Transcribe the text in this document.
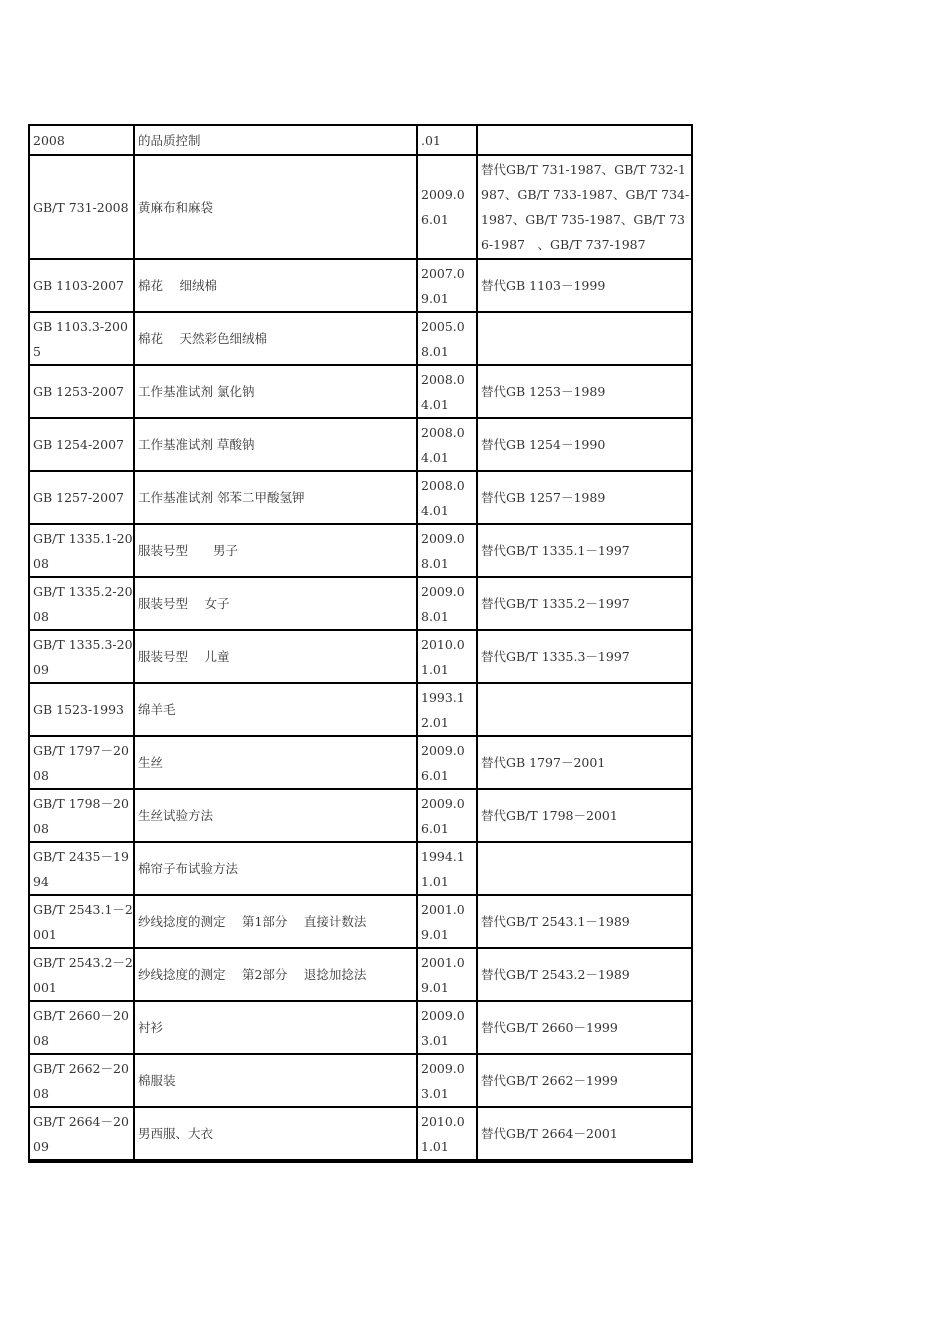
2008	的品质控制	.01	
GB/T 731-2008	黄麻布和麻袋	2009.06.01	替代GB/T 731-1987、GB/T 732-1987、GB/T 733-1987、GB/T 734-1987、GB/T 735-1987、GB/T 736-1987　、GB/T 737-1987
GB 1103-2007	棉花　 细绒棉	2007.09.01	替代GB 1103－1999
GB 1103.3-2005	棉花　 天然彩色细绒棉	2005.08.01	
GB 1253-2007	工作基准试剂 氯化钠	2008.04.01	替代GB 1253－1989
GB 1254-2007	工作基准试剂 草酸钠	2008.04.01	替代GB 1254－1990
GB 1257-2007	工作基准试剂 邻苯二甲酸氢钾	2008.04.01	替代GB 1257－1989
GB/T 1335.1-2008	服装号型　　男子	2009.08.01	替代GB/T 1335.1－1997
GB/T 1335.2-2008	服装号型　 女子	2009.08.01	替代GB/T 1335.2－1997
GB/T 1335.3-2009	服装号型　 儿童	2010.01.01	替代GB/T 1335.3－1997
GB 1523-1993	绵羊毛	1993.12.01	
GB/T 1797－2008	生丝	2009.06.01	替代GB 1797－2001
GB/T 1798－2008	生丝试验方法	2009.06.01	替代GB/T 1798－2001
GB/T 2435－1994	棉帘子布试验方法	1994.11.01	
GB/T 2543.1－2001	纱线捻度的测定　 第1部分　 直接计数法	2001.09.01	替代GB/T 2543.1－1989
GB/T 2543.2－2001	纱线捻度的测定　 第2部分　 退捻加捻法	2001.09.01	替代GB/T 2543.2－1989
GB/T 2660－2008	衬衫	2009.03.01	替代GB/T 2660－1999
GB/T 2662－2008	棉服装	2009.03.01	替代GB/T 2662－1999
GB/T 2664－2009	男西服、大衣	2010.01.01	替代GB/T 2664－2001
